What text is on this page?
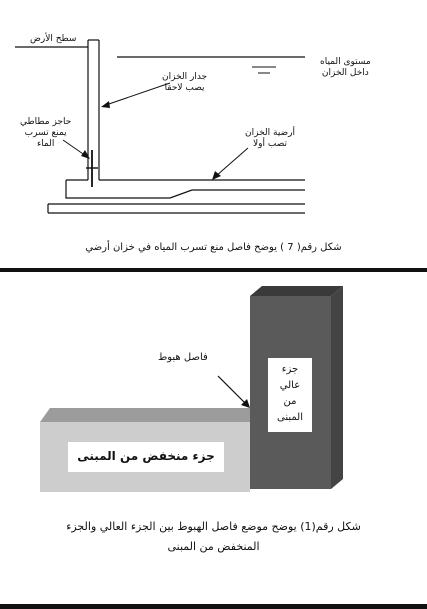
سطح الأرض
مستوى المياه
داخل الخزان
جدار الخزان
يصب لاحقا
حاجز مطاطي
يمنع تسرب
الماء
أرضية الخزان
تصب أولا
شكل رقم( 7 ) يوضح فاصل منع تسرب المياه في خزان أرضي
فاصل هبوط
جزء
عالي
من
المبنى
جزء منخفض من المبنى
شكل رقم(1) يوضح موضع فاصل الهبوط بين الجزء العالي والجزء
المنخفض من المبنى
